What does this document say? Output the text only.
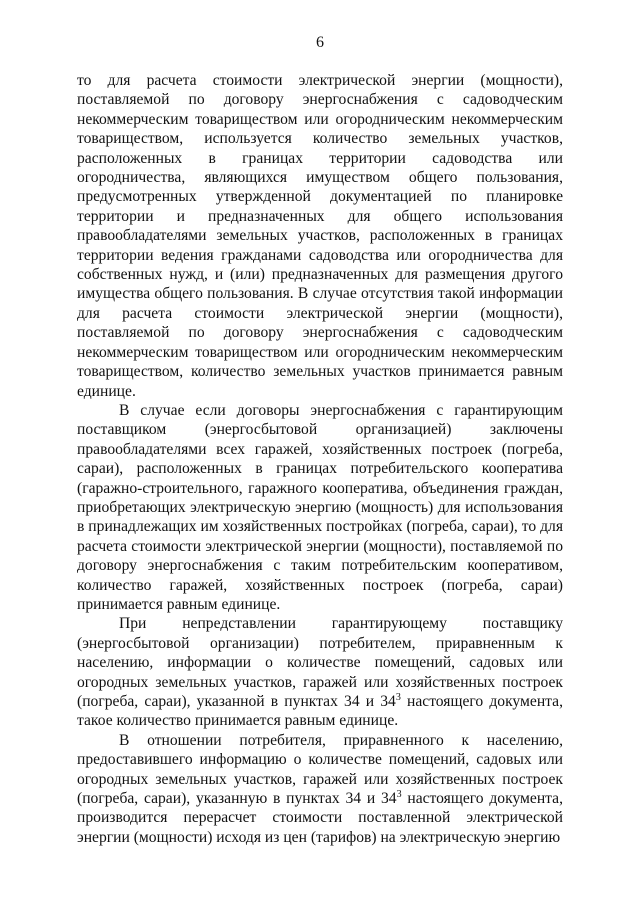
6

то для расчета стоимости электрической энергии (мощности), поставляемой по договору энергоснабжения с садоводческим некоммерческим товариществом или огородническим некоммерческим товариществом, используется количество земельных участков, расположенных в границах территории садоводства или огородничества, являющихся имуществом общего пользования, предусмотренных утвержденной документацией по планировке территории и предназначенных для общего использования правообладателями земельных участков, расположенных в границах территории ведения гражданами садоводства или огородничества для собственных нужд, и (или) предназначенных для размещения другого имущества общего пользования. В случае отсутствия такой информации для расчета стоимости электрической энергии (мощности), поставляемой по договору энергоснабжения с садоводческим некоммерческим товариществом или огородническим некоммерческим товариществом, количество земельных участков принимается равным единице.

В случае если договоры энергоснабжения с гарантирующим поставщиком (энергосбытовой организацией) заключены правообладателями всех гаражей, хозяйственных построек (погреба, сараи), расположенных в границах потребительского кооператива (гаражно-строительного, гаражного кооператива, объединения граждан, приобретающих электрическую энергию (мощность) для использования в принадлежащих им хозяйственных постройках (погреба, сараи), то для расчета стоимости электрической энергии (мощности), поставляемой по договору энергоснабжения с таким потребительским кооперативом, количество гаражей, хозяйственных построек (погреба, сараи) принимается равным единице.

При непредставлении гарантирующему поставщику (энергосбытовой организации) потребителем, приравненным к населению, информации о количестве помещений, садовых или огородных земельных участков, гаражей или хозяйственных построек (погреба, сараи), указанной в пунктах 34 и $34^3$ настоящего документа, такое количество принимается равным единице.

В отношении потребителя, приравненного к населению, предоставившего информацию о количестве помещений, садовых или огородных земельных участков, гаражей или хозяйственных построек (погреба, сараи), указанную в пунктах 34 и $34^3$ настоящего документа, производится перерасчет стоимости поставленной электрической энергии (мощности) исходя из цен (тарифов) на электрическую энергию
